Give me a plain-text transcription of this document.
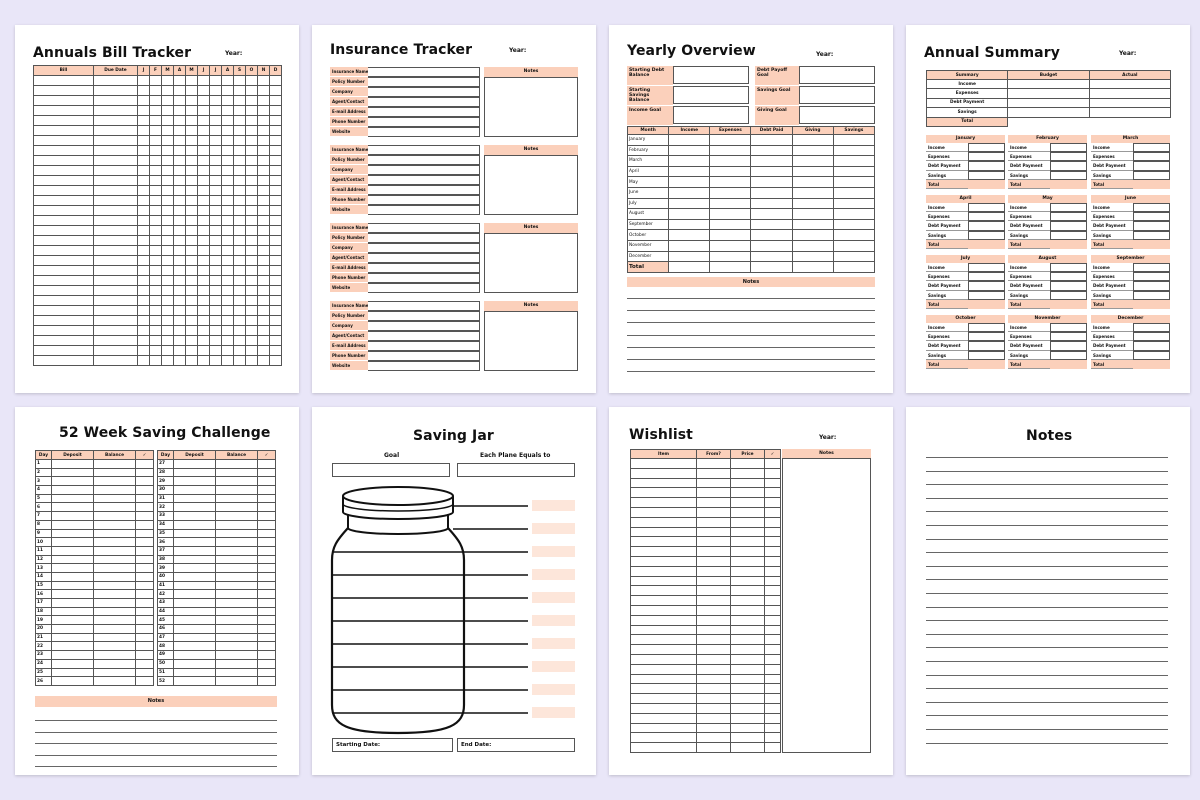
Annuals Bill Tracker	Year:
Bill	Due Date	J	F	M	A	M	J	J	A	S	O	N	D

Insurance Tracker	Year:
Insurance Name
Policy Number
Company
Agent/Contact
E-mail Address
Phone Number
Website
Notes
Insurance Name
Policy Number
Company
Agent/Contact
E-mail Address
Phone Number
Website
Notes
Insurance Name
Policy Number
Company
Agent/Contact
E-mail Address
Phone Number
Website
Notes
Insurance Name
Policy Number
Company
Agent/Contact
E-mail Address
Phone Number
Website
Notes
Yearly Overview	Year:
Starting Debt Balance
Starting Savings Balance
Income Goal
Debt Payoff Goal
Savings Goal
Giving Goal
Month	Income	Expenses	Debt Paid	Giving	Savings
January					
February					
March					
April					
May					
June					
July					
August					
September					
October					
November					
December					
Total					
Notes
Annual Summary	Year:
Summary	Budget	Actual
Income		
Expenses		
Debt Payment		
Savings		
Total		
January
Income
Expenses
Debt Payment
Savings
Total
February
Income
Expenses
Debt Payment
Savings
Total
March
Income
Expenses
Debt Payment
Savings
Total
April
Income
Expenses
Debt Payment
Savings
Total
May
Income
Expenses
Debt Payment
Savings
Total
June
Income
Expenses
Debt Payment
Savings
Total
July
Income
Expenses
Debt Payment
Savings
Total
August
Income
Expenses
Debt Payment
Savings
Total
September
Income
Expenses
Debt Payment
Savings
Total
October
Income
Expenses
Debt Payment
Savings
Total
November
Income
Expenses
Debt Payment
Savings
Total
December
Income
Expenses
Debt Payment
Savings
Total
52 Week Saving Challenge
Day	Deposit	Balance	✓
1			
2			
3			
4			
5			
6			
7			
8			
9			
10			
11			
12			
13			
14			
15			
16			
17			
18			
19			
20			
21			
22			
23			
24			
25			
26			
Day	Deposit	Balance	✓
27			
28			
29			
30			
31			
32			
33			
34			
35			
36			
37			
38			
39			
40			
41			
42			
43			
44			
45			
46			
47			
48			
49			
50			
51			
52			
Notes
Saving Jar
Goal	Each Plane Equals to
Starting Date:	End Date:
Wishlist	Year:
Item	From?	Price	✓

				Notes
Notes
